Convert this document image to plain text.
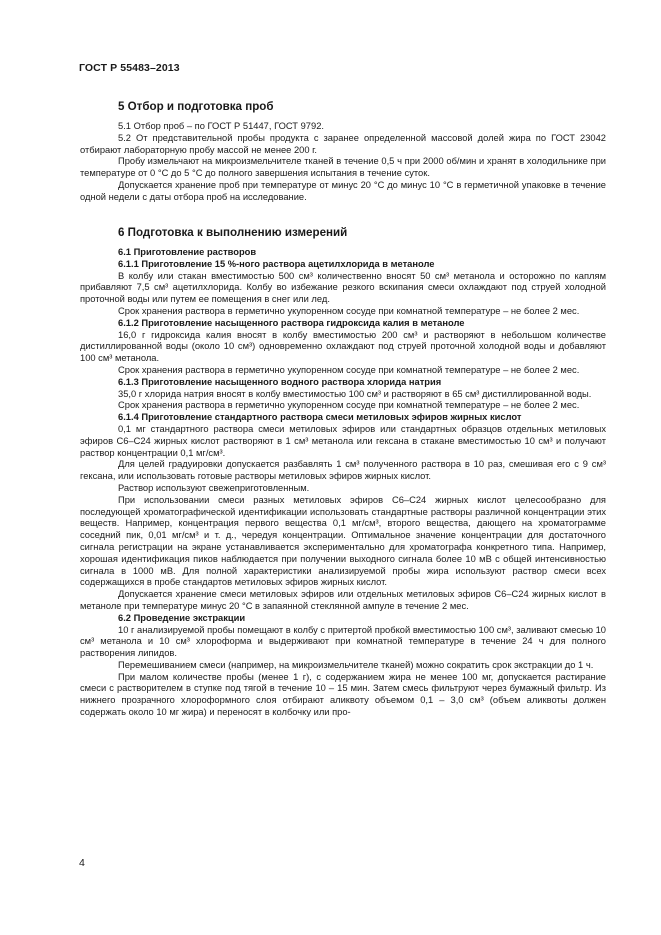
ГОСТ Р 55483–2013
5 Отбор и подготовка проб

5.1 Отбор проб – по ГОСТ Р 51447, ГОСТ 9792.

5.2 От представительной пробы продукта с заранее определенной массовой долей жира по ГОСТ 23042 отбирают лабораторную пробу массой не менее 200 г.

Пробу измельчают на микроизмельчителе тканей в течение 0,5 ч при 2000 об/мин и хранят в холодильнике при температуре от 0 °С до 5 °С до полного завершения испытания в течение суток.

Допускается хранение проб при температуре от минус 20 °С до минус 10 °С в герметичной упаковке в течение одной недели с даты отбора проб на исследование.

6 Подготовка к выполнению измерений
6.1 Приготовление растворов
6.1.1 Приготовление 15 %-ного раствора ацетилхлорида в метаноле

В колбу или стакан вместимостью 500 см³ количественно вносят 50 см³ метанола и осторожно по каплям прибавляют 7,5 см³ ацетилхлорида. Колбу во избежание резкого вскипания смеси охлаждают под струей холодной проточной воды или путем ее помещения в снег или лед.

Срок хранения раствора в герметично укупоренном сосуде при комнатной температуре – не более 2 мес.

6.1.2 Приготовление насыщенного раствора гидроксида калия в метаноле

16,0 г гидроксида калия вносят в колбу вместимостью 200 см³ и растворяют в небольшом количестве дистиллированной воды (около 10 см³) одновременно охлаждают под струей проточной холодной воды и добавляют 100 см³ метанола.

Срок хранения раствора в герметично укупоренном сосуде при комнатной температуре – не более 2 мес.

6.1.3 Приготовление насыщенного водного раствора хлорида натрия

35,0 г хлорида натрия вносят в колбу вместимостью 100 см³ и растворяют в 65 см³ дистиллированной воды.

Срок хранения раствора в герметично укупоренном сосуде при комнатной температуре – не более 2 мес.

6.1.4 Приготовление стандартного раствора смеси метиловых эфиров жирных кислот

0,1 мг стандартного раствора смеси метиловых эфиров или стандартных образцов отдельных метиловых эфиров С6–С24 жирных кислот растворяют в 1 см³ метанола или гексана в стакане вместимостью 10 см³ и получают раствор концентрации 0,1 мг/см³.

Для целей градуировки допускается разбавлять 1 см³ полученного раствора в 10 раз, смешивая его с 9 см³ гексана, или использовать готовые растворы метиловых эфиров жирных кислот.

Раствор используют свежеприготовленным.

При использовании смеси разных метиловых эфиров С6–С24 жирных кислот целесообразно для последующей хроматографической идентификации использовать стандартные растворы различной концентрации этих веществ. Например, концентрация первого вещества 0,1 мг/см³, второго вещества, дающего на хроматограмме соседний пик, 0,01 мг/см³ и т. д., чередуя концентрации. Оптимальное значение концентрации для достаточного сигнала регистрации на экране устанавливается экспериментально для хроматографа конкретного типа. Например, хорошая идентификация пиков наблюдается при получении выходного сигнала более 10 мВ с общей интенсивностью сигнала в 1000 мВ. Для полной характеристики анализируемой пробы жира используют раствор смеси всех содержащихся в пробе стандартов метиловых эфиров жирных кислот.

Допускается хранение смеси метиловых эфиров или отдельных метиловых эфиров С6–С24 жирных кислот в метаноле при температуре минус 20 °С в запаянной стеклянной ампуле в течение 2 мес.

6.2 Проведение экстракции

10 г анализируемой пробы помещают в колбу с притертой пробкой вместимостью 100 см³, заливают смесью 10 см³ метанола и 10 см³ хлороформа и выдерживают при комнатной температуре в течение 24 ч для полного растворения липидов.

Перемешиванием смеси (например, на микроизмельчителе тканей) можно сократить срок экстракции до 1 ч.

При малом количестве пробы (менее 1 г), с содержанием жира не менее 100 мг, допускается растирание смеси с растворителем в ступке под тягой в течение 10 – 15 мин. Затем смесь фильтруют через бумажный фильтр. Из нижнего прозрачного хлороформного слоя отбирают аликвоту объемом 0,1 – 3,0 см³ (объем аликвоты должен содержать около 10 мг жира) и переносят в колбочку или про-

4
